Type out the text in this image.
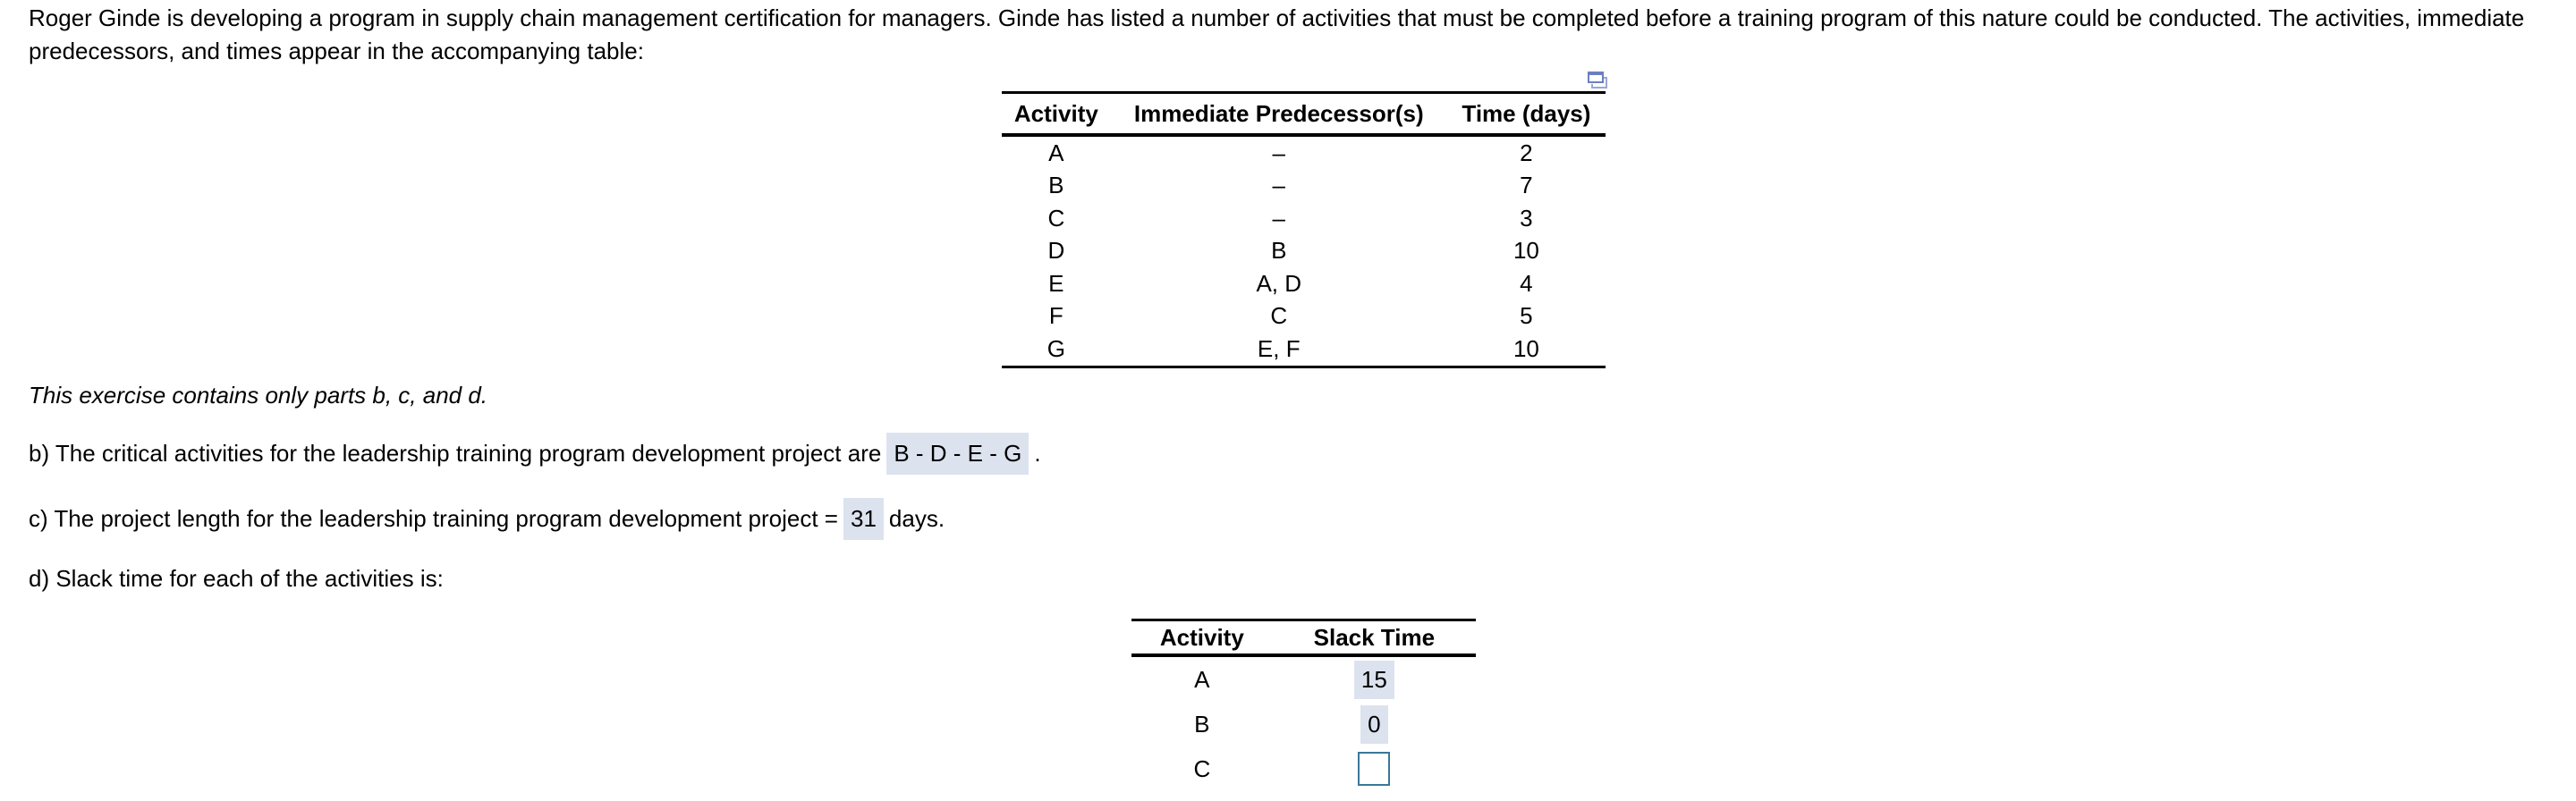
Roger Ginde is developing a program in supply chain management certification for managers. Ginde has listed a number of activities that must be completed before a training program of this nature could be conducted. The activities, immediate predecessors, and times appear in the accompanying table:
Activity	Immediate Predecessor(s)	Time (days)
A	–	2
B	–	7
C	–	3
D	B	10
E	A, D	4
F	C	5
G	E, F	10
This exercise contains only parts b, c, and d.
b) The critical activities for the leadership training program development project are B - D - E - G .
c) The project length for the leadership training program development project = 31 days.
d) Slack time for each of the activities is:
Activity	Slack Time
A	15
B	0
C	
